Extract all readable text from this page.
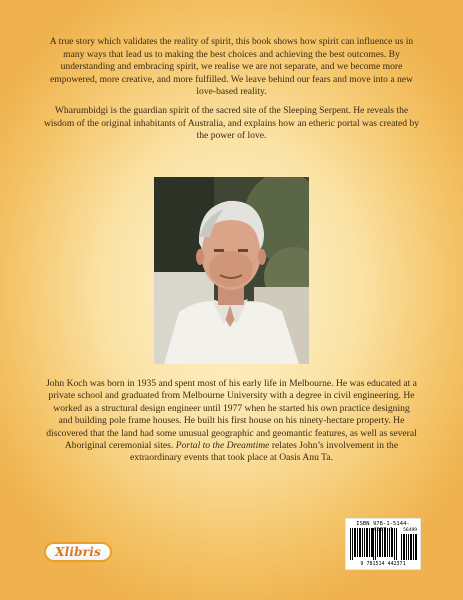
A true story which validates the reality of spirit, this book shows how spirit can influence us in many ways that lead us to making the best choices and achieving the best outcomes. By understanding and embracing spirit, we realise we are not separate, and we become more empowered, more creative, and more fulfilled. We leave behind our fears and move into a new love-based reality.

Wharumbidgi is the guardian spirit of the sacred site of the Sleeping Serpent. He reveals the wisdom of the original inhabitants of Australia, and explains how an etheric portal was created by the power of love.

John Koch was born in 1935 and spent most of his early life in Melbourne. He was educated at a private school and graduated from Melbourne University with a degree in civil engineering. He worked as a structural design engineer until 1977 when he started his own practice designing and building pole frame houses. He built his first house on his ninety-hectare property. He discovered that the land had some unusual geographic and geomantic features, as well as several Aboriginal ceremonial sites. Portal to the Dreamtime relates John’s involvement in the extraordinary events that took place at Oasis Anu Ta.
Xlibris
ISBN 978-1-5144-4 37-1	56499
9 781514 442371
